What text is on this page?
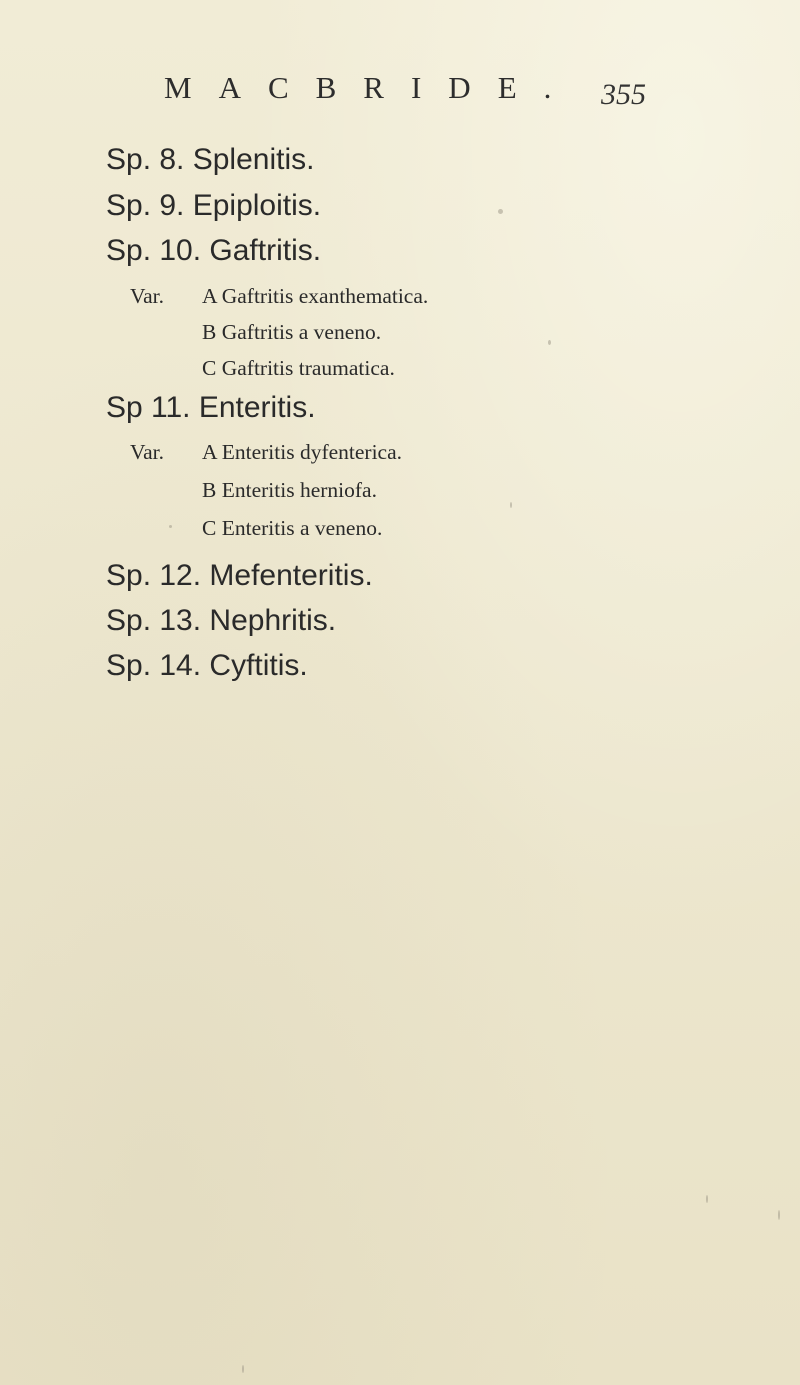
MACBRIDE. 355
Sp. 8. Splenitis.
Sp. 9. Epiploitis.
Sp. 10. Gaftritis.
Var. A Gaftritis exanthematica.
B Gaftritis a veneno.
C Gaftritis traumatica.
Sp 11. Enteritis.
Var. A Enteritis dyfenterica.
B Enteritis herniofa.
C Enteritis a veneno.
Sp. 12. Mefenteritis.
Sp. 13. Nephritis.
Sp. 14. Cyftitis.
